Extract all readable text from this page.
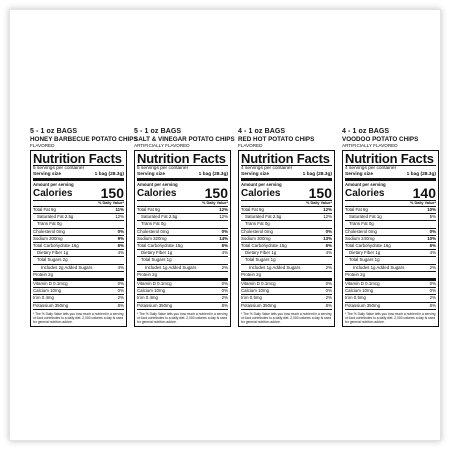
5 - 1 oz BAGS
HONEY BARBECUE POTATO CHIPS
FLAVORED
Nutrition Facts
5 servings per container
Serving size	1 bag (28.3g)
Amount per serving
Calories 150
% Daily Value*
Total Fat 9g	11%
Saturated Fat 2.5g	12%
Trans Fat 0g
Cholesterol 0mg	0%
Sodium 200mg	9%
Total Carbohydrate 16g	6%
Dietary Fiber 1g	4%
Total Sugars 2g
Includes 2g Added Sugars	4%
Protein 2g
Vitamin D 0.1mcg	0%
Calcium 10mg	0%
Iron 0.4mg	2%
Potassium 350mg	8%
* The % Daily Value tells you how much a nutrient in a serving of food contributes to a daily diet. 2,000 calories a day is used for general nutrition advice.
5 - 1 oz BAGS
SALT & VINEGAR POTATO CHIPS
ARTIFICIALLY FLAVORED
Nutrition Facts
5 servings per container
Serving size	1 bag (28.3g)
Amount per serving
Calories 150
% Daily Value*
Total Fat 9g	12%
Saturated Fat 2.5g	12%
Trans Fat 0g
Cholesterol 0mg	0%
Sodium 320mg	14%
Total Carbohydrate 15g	6%
Dietary Fiber 1g	4%
Total Sugars 1g
Includes 1g Added Sugars	2%
Protein 2g
Vitamin D 0.1mcg	0%
Calcium 10mg	0%
Iron 0.4mg	2%
Potassium 350mg	8%
* The % Daily Value tells you how much a nutrient in a serving of food contributes to a daily diet. 2,000 calories a day is used for general nutrition advice.
4 - 1 oz BAGS
RED HOT POTATO CHIPS
FLAVORED
Nutrition Facts
4 servings per container
Serving size	1 bag (28.3g)
Amount per serving
Calories 150
% Daily Value*
Total Fat 9g	12%
Saturated Fat 2.5g	12%
Trans Fat 0g
Cholesterol 0mg	0%
Sodium 300mg	13%
Total Carbohydrate 15g	6%
Dietary Fiber 1g	4%
Total Sugars 1g
Includes 1g Added Sugars	2%
Protein 2g
Vitamin D 0.1mcg	0%
Calcium 10mg	0%
Iron 0.5mg	2%
Potassium 350mg	8%
* The % Daily Value tells you how much a nutrient in a serving of food contributes to a daily diet. 2,000 calories a day is used for general nutrition advice.
4 - 1 oz BAGS
VOODOO POTATO CHIPS
ARTIFICIALLY FLAVORED
Nutrition Facts
4 servings per container
Serving size	1 bag (28.3g)
Amount per serving
Calories 140
% Daily Value*
Total Fat 8g	10%
Saturated Fat 1g	5%
Trans Fat 0g
Cholesterol 0mg	0%
Sodium 240mg	10%
Total Carbohydrate 16g	6%
Dietary Fiber 1g	4%
Total Sugars 1g
Includes 1g Added Sugars	2%
Protein 2g
Vitamin D 0.1mcg	0%
Calcium 10mg	0%
Iron 0.5mg	2%
Potassium 350mg	8%
* The % Daily Value tells you how much a nutrient in a serving of food contributes to a daily diet. 2,000 calories a day is used for general nutrition advice.
